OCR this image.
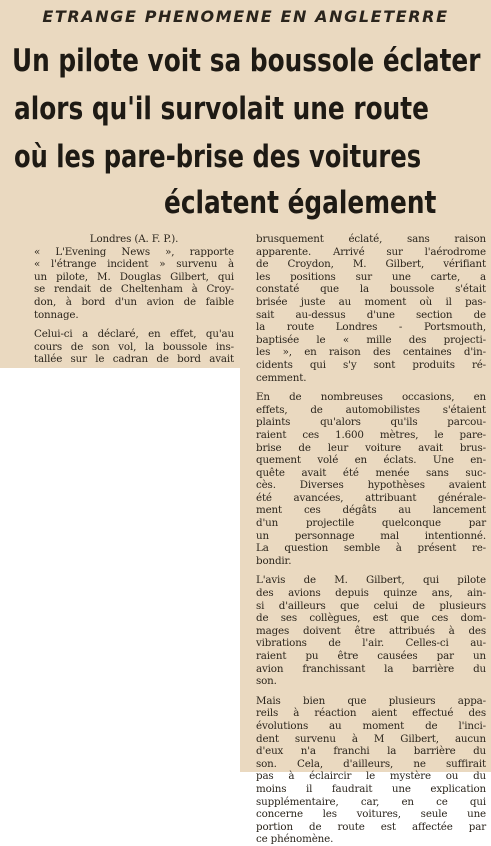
ETRANGE PHENOMENE EN ANGLETERRE
Un pilote voit sa boussole éclater
alors qu'il survolait une route
où les pare-brise des voitures
éclatent également

Londres (A. F. P.).

« L'Evening News », rapporte

« l'étrange incident » survenu à

un pilote, M. Douglas Gilbert, qui

se rendait de Cheltenham à Croy-

don, à bord d'un avion de faible

tonnage.

Celui-ci a déclaré, en effet, qu'au

cours de son vol, la boussole ins-

tallée sur le cadran de bord avait

brusquement éclaté, sans raison

apparente. Arrivé sur l'aérodrome

de Croydon, M. Gilbert, vérifiant

les positions sur une carte, a

constaté que la boussole s'était

brisée juste au moment où il pas-

sait au-dessus d'une section de

la route Londres - Portsmouth,

baptisée le « mille des projecti-

les », en raison des centaines d'in-

cidents qui s'y sont produits ré-

cemment.

En de nombreuses occasions, en

effets, de automobilistes s'étaient

plaints qu'alors qu'ils parcou-

raient ces 1.600 mètres, le pare-

brise de leur voiture avait brus-

quement volé en éclats. Une en-

quête avait été menée sans suc-

cès. Diverses hypothèses avaient

été avancées, attribuant générale-

ment ces dégâts au lancement

d'un projectile quelconque par

un personnage mal intentionné.

La question semble à présent re-

bondir.

L'avis de M. Gilbert, qui pilote

des avions depuis quinze ans, ain-

si d'ailleurs que celui de plusieurs

de ses collègues, est que ces dom-

mages doivent être attribués à des

vibrations de l'air. Celles-ci au-

raient pu être causées par un

avion franchissant la barrière du

son.

Mais bien que plusieurs appa-

reils à réaction aient effectué des

évolutions au moment de l'inci-

dent survenu à M Gilbert, aucun

d'eux n'a franchi la barrière du

son. Cela, d'ailleurs, ne suffirait

pas à éclaircir le mystère ou du

moins il faudrait une explication

supplémentaire, car, en ce qui

concerne les voitures, seule une

portion de route est affectée par

ce phénomène.
